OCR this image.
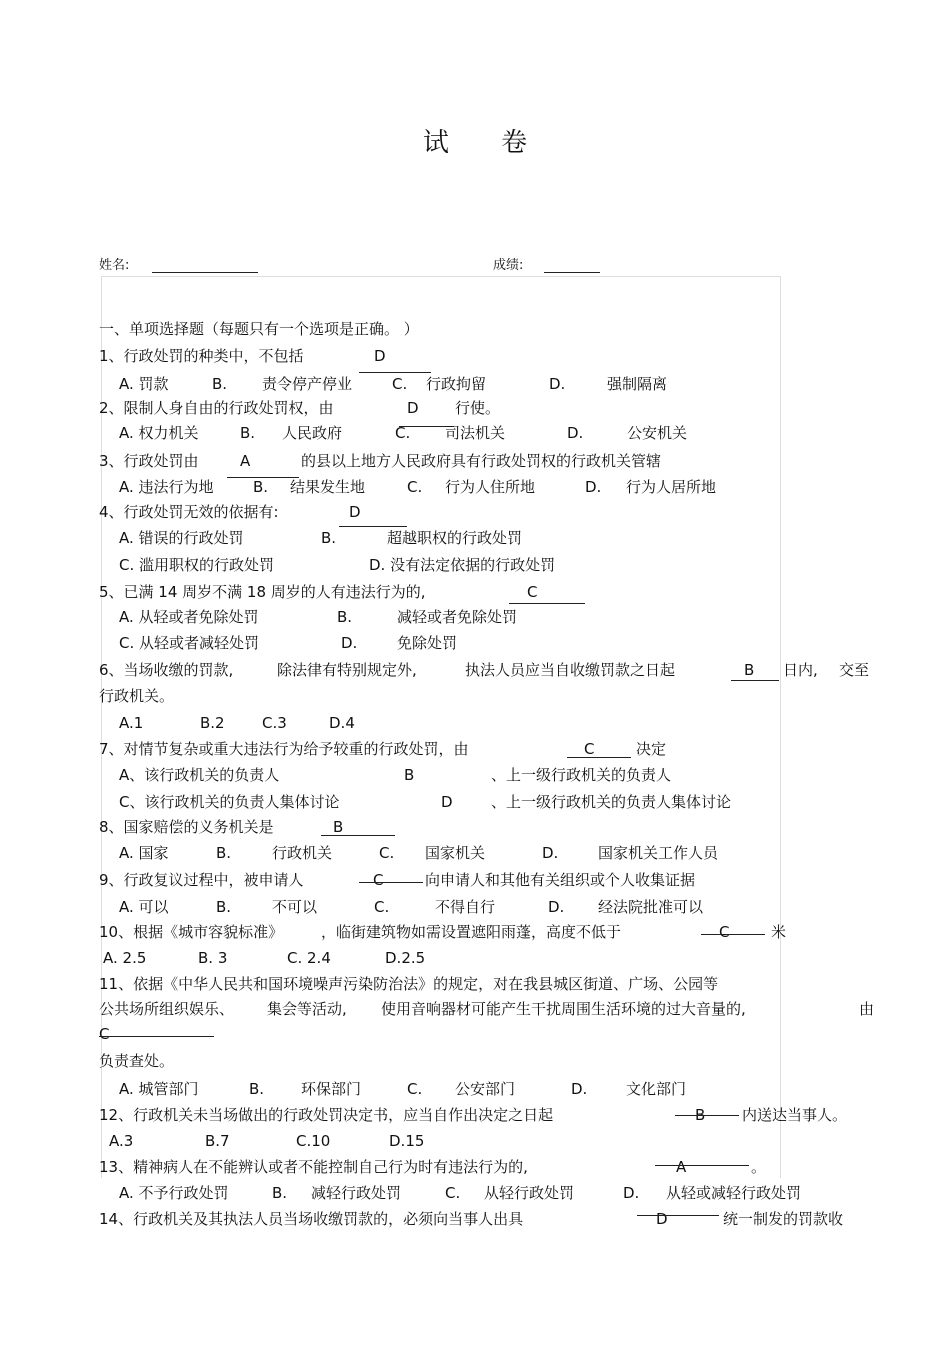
试 卷
姓名:	成绩:
一、单项选择题（每题只有一个选项是正确。 ）
1、行政处罚的种类中，不包括	D
A. 罚款	B. 责令停产停业	C. 行政拘留	D.	强制隔离
2、限制人身自由的行政处罚权，由	D 行使。
A. 权力机关	B. 人民政府	C. 司法机关	D.	公安机关
3、行政处罚由	A	的县以上地方人民政府具有行政处罚权的行政机关管辖
A. 违法行为地	B. 结果发生地	C. 行为人住所地	D. 行为人居所地
4、行政处罚无效的依据有:	D
A. 错误的行政处罚	B.	超越职权的行政处罚
C. 滥用职权的行政处罚	D. 没有法定依据的行政处罚
5、已满 14 周岁不满 18 周岁的人有违法行为的,	C
A. 从轻或者免除处罚	B.	减轻或者免除处罚
C. 从轻或者减轻处罚	D.	免除处罚
6、当场收缴的罚款,	除法律有特别规定外,	执法人员应当自收缴罚款之日起	B 日内, 交至
行政机关。
A.1	B.2 C.3	D.4
7、对情节复杂或重大违法行为给予较重的行政处罚，由	C	决定
A、该行政机关的负责人	B	、上一级行政机关的负责人
C、该行政机关的负责人集体讨论	D	、上一级行政机关的负责人集体讨论
8、国家赔偿的义务机关是	B
A. 国家	B.	行政机关	C. 国家机关	D.	国家机关工作人员
9、行政复议过程中，被申请人	C	向申请人和其他有关组织或个人收集证据
A. 可以	B.	不可以	C.	不得自行	D. 经法院批准可以
10、根据《城市容貌标准》	，临街建筑物如需设置遮阳雨蓬，高度不低于	C	米
A. 2.5	B. 3	C. 2.4	D.2.5
11、依据《中华人民共和国环境噪声污染防治法》的规定，对在我县城区街道、广场、公园等
公共场所组织娱乐、 集会等活动, 使用音响器材可能产生干扰周围生活环境的过大音量的,	由
C
负责查处。
A. 城管部门	B. 环保部门	C. 公安部门	D.	文化部门
12、行政机关未当场做出的行政处罚决定书，应当自作出决定之日起	B 内送达当事人。
A.3	B.7	C.10	D.15
13、精神病人在不能辨认或者不能控制自己行为时有违法行为的,	A	。
A. 不予行政处罚	B. 减轻行政处罚	C. 从轻行政处罚	D. 从轻或减轻行政处罚
14、行政机关及其执法人员当场收缴罚款的，必须向当事人出具	D	统一制发的罚款收
